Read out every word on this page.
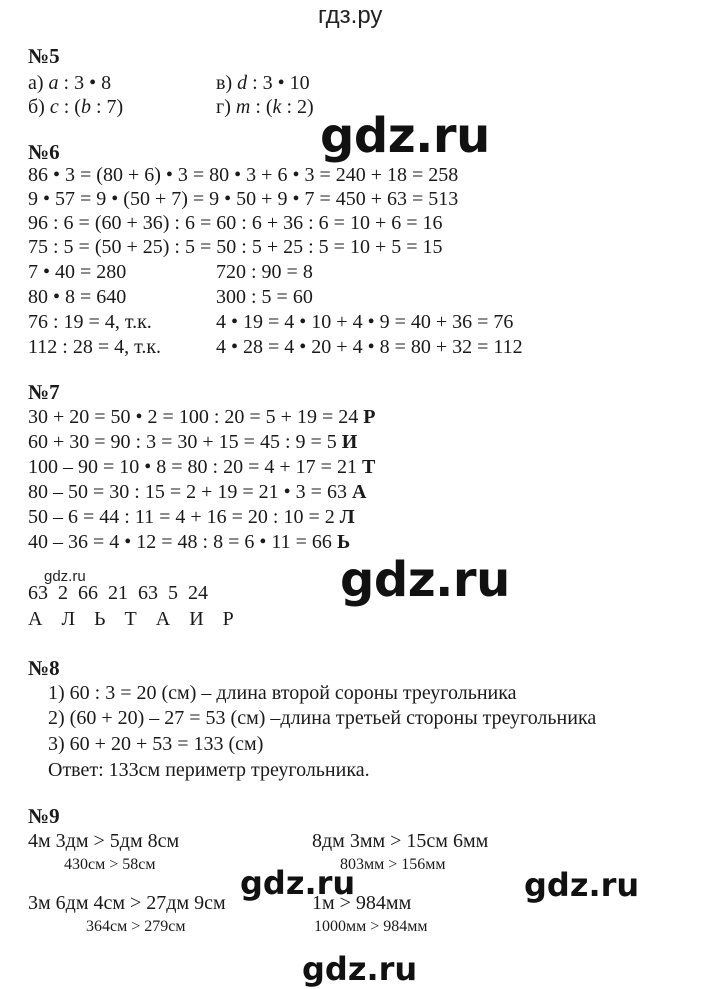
гдз.ру
№5
а) a : 3 • 8	в) d : 3 • 10
б) c : (b : 7)	г) m : (k : 2)
gdz.ru
№6
86 • 3 = (80 + 6) • 3 = 80 • 3 + 6 • 3 = 240 + 18 = 258
9 • 57 = 9 • (50 + 7) = 9 • 50 + 9 • 7 = 450 + 63 = 513
96 : 6 = (60 + 36) : 6 = 60 : 6 + 36 : 6 = 10 + 6 = 16
75 : 5 = (50 + 25) : 5 = 50 : 5 + 25 : 5 = 10 + 5 = 15
7 • 40 = 280	720 : 90 = 8
80 • 8 = 640	300 : 5 = 60
76 : 19 = 4, т.к.	4 • 19 = 4 • 10 + 4 • 9 = 40 + 36 = 76
112 : 28 = 4, т.к.	4 • 28 = 4 • 20 + 4 • 8 = 80 + 32 = 112
№7
30 + 20 = 50 • 2 = 100 : 20 = 5 + 19 = 24 Р
60 + 30 = 90 : 3 = 30 + 15 = 45 : 9 = 5 И
100 – 90 = 10 • 8 = 80 : 20 = 4 + 17 = 21 Т
80 – 50 = 30 : 15 = 2 + 19 = 21 • 3 = 63 А
50 – 6 = 44 : 11 = 4 + 16 = 20 : 10 = 2 Л
40 – 36 = 4 • 12 = 48 : 8 = 6 • 11 = 66 Ь
gdz.ru
gdz.ru
63 2 66 21 63 5 24
А Л Ь Т А И Р
№8
1) 60 : 3 = 20 (см) – длина второй сороны треугольника
2) (60 + 20) – 27 = 53 (см) –длина третьей стороны треугольника
3) 60 + 20 + 53 = 133 (см)
Ответ: 133см периметр треугольника.
№9
4м 3дм > 5дм 8см	8дм 3мм > 15см 6мм
430см > 58см	803мм > 156мм
3м 6дм 4см > 27дм 9см	1м > 984мм
364см > 279см	1000мм > 984мм
gdz.ru	gdz.ru
gdz.ru
